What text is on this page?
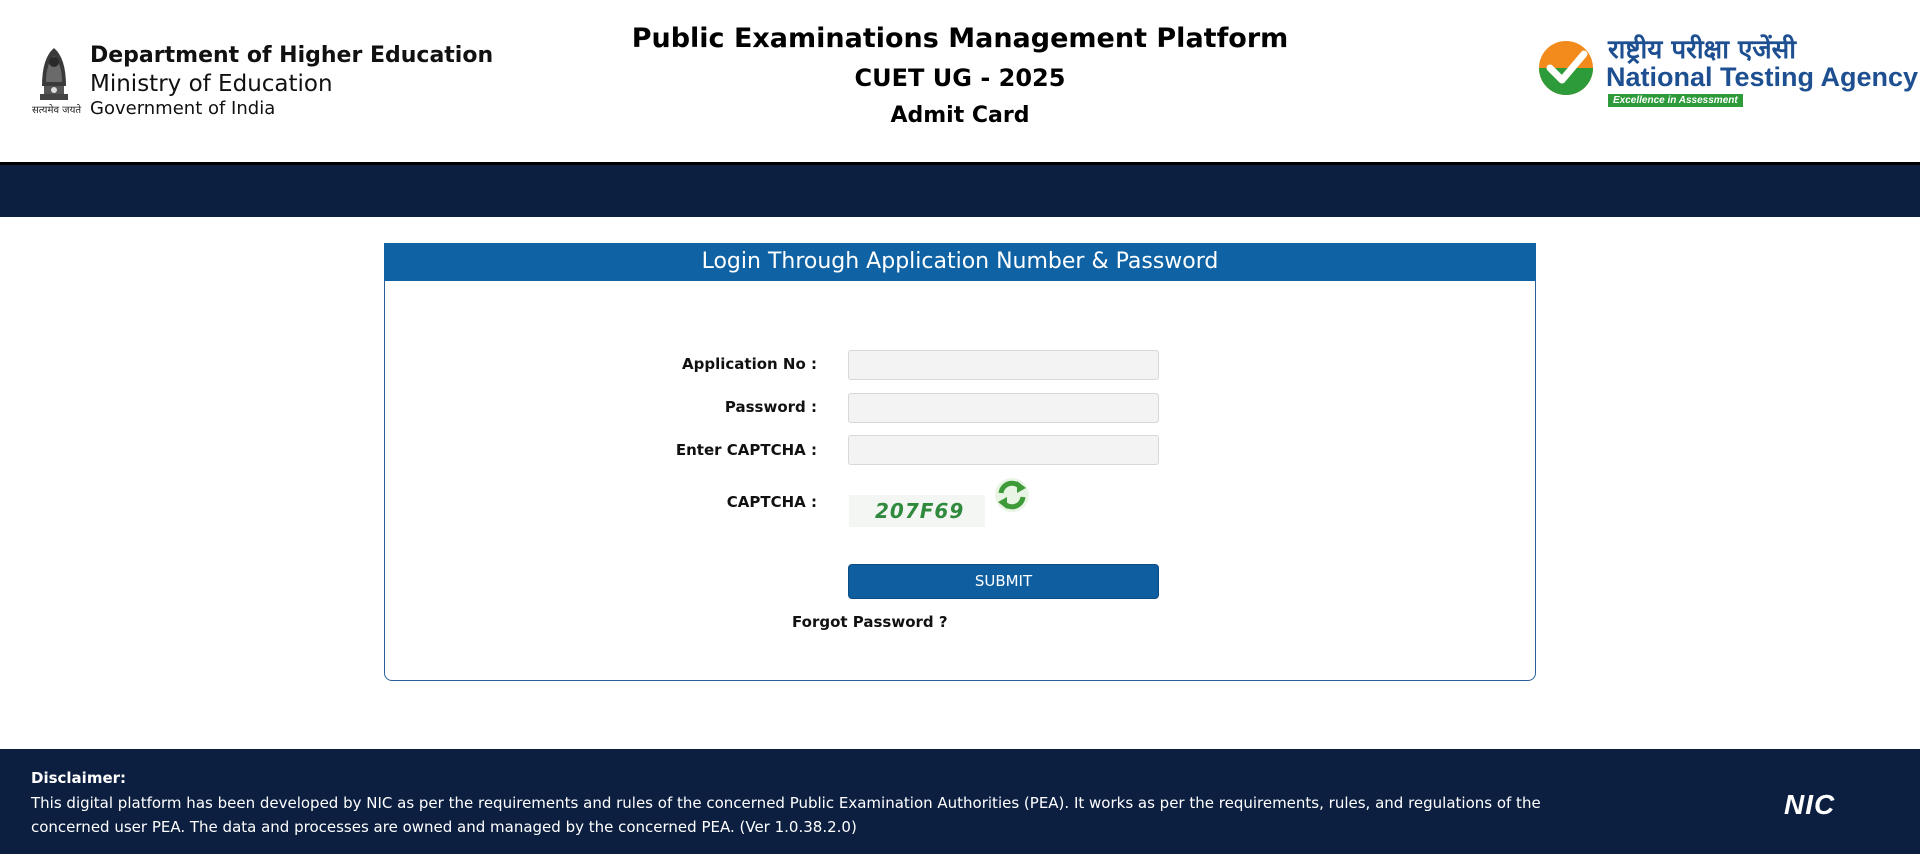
सत्यमेव जयते
Department of Higher Education
Ministry of Education
Government of India
Public Examinations Management Platform
CUET UG - 2025
Admit Card
राष्ट्रीय परीक्षा एजेंसी
National Testing Agency
Excellence in Assessment
Login Through Application Number & Password
Application No :
Password :
Enter CAPTCHA :
CAPTCHA :	207F69
SUBMIT
Forgot Password ?
Disclaimer:
This digital platform has been developed by NIC as per the requirements and rules of the concerned Public Examination Authorities (PEA). It works as per the requirements, rules, and regulations of the concerned user PEA. The data and processes are owned and managed by the concerned PEA. (Ver 1.0.38.2.0)
NIC
